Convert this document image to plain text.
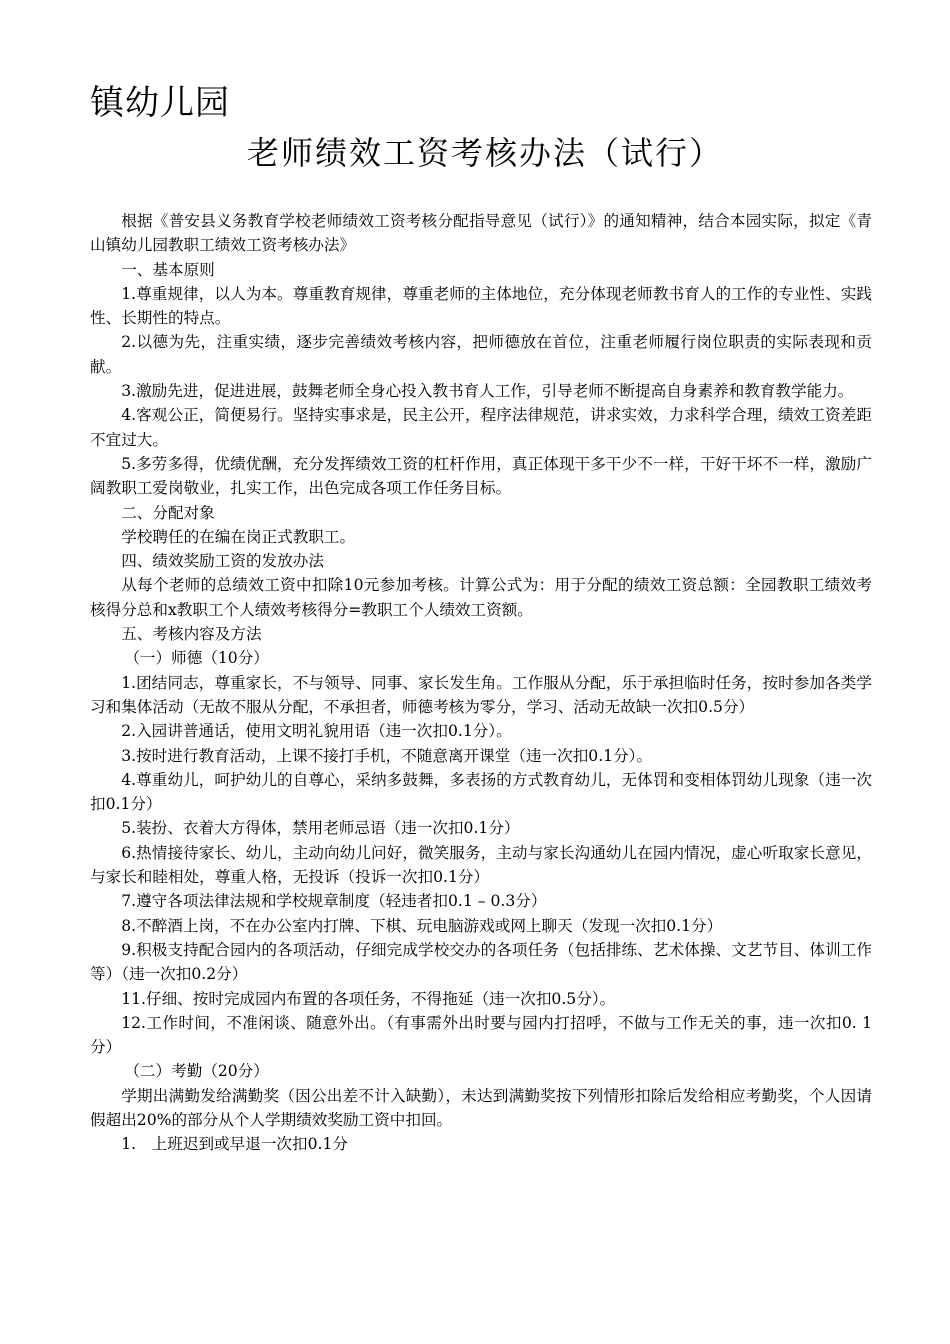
镇幼儿园
老师绩效工资考核办法（试行）

根据《普安县义务教育学校老师绩效工资考核分配指导意见（试行）》的通知精神，结合本园实际，拟定《青山镇幼儿园教职工绩效工资考核办法》

一、基本原则

1.尊重规律，以人为本。尊重教育规律，尊重老师的主体地位，充分体现老师教书育人的工作的专业性、实践性、长期性的特点。

2.以德为先，注重实绩，逐步完善绩效考核内容，把师德放在首位，注重老师履行岗位职责的实际表现和贡献。

3.激励先进，促进进展，鼓舞老师全身心投入教书育人工作，引导老师不断提高自身素养和教育教学能力。

4.客观公正，简便易行。坚持实事求是，民主公开，程序法律规范，讲求实效，力求科学合理，绩效工资差距不宜过大。

5.多劳多得，优绩优酬，充分发挥绩效工资的杠杆作用，真正体现干多干少不一样，干好干坏不一样，激励广阔教职工爱岗敬业，扎实工作，出色完成各项工作任务目标。

二、分配对象

学校聘任的在编在岗正式教职工。

四、绩效奖励工资的发放办法

从每个老师的总绩效工资中扣除10元参加考核。计算公式为：用于分配的绩效工资总额：全园教职工绩效考核得分总和x教职工个人绩效考核得分=教职工个人绩效工资额。

五、考核内容及方法

（一）师德（10分）

1.团结同志，尊重家长，不与领导、同事、家长发生角。工作服从分配，乐于承担临时任务，按时参加各类学习和集体活动（无故不服从分配，不承担者，师德考核为零分，学习、活动无故缺一次扣0.5分）

2.入园讲普通话，使用文明礼貌用语（违一次扣0.1分）。

3.按时进行教育活动，上课不接打手机，不随意离开课堂（违一次扣0.1分）。

4.尊重幼儿，呵护幼儿的自尊心，采纳多鼓舞，多表扬的方式教育幼儿，无体罚和变相体罚幼儿现象（违一次扣0.1分）

5.装扮、衣着大方得体，禁用老师忌语（违一次扣0.1分）

6.热情接待家长、幼儿，主动向幼儿问好，微笑服务，主动与家长沟通幼儿在园内情况，虚心听取家长意见，与家长和睦相处，尊重人格，无投诉（投诉一次扣0.1分）

7.遵守各项法律法规和学校规章制度（轻违者扣0.1 – 0.3分）

8.不醉酒上岗，不在办公室内打牌、下棋、玩电脑游戏或网上聊天（发现一次扣0.1分）

9.积极支持配合园内的各项活动，仔细完成学校交办的各项任务（包括排练、艺术体操、文艺节目、体训工作等）（违一次扣0.2分）

11.仔细、按时完成园内布置的各项任务，不得拖延（违一次扣0.5分）。

12.工作时间，不准闲谈、随意外出。（有事需外出时要与园内打招呼，不做与工作无关的事，违一次扣0. 1分）

（二）考勤（20分）

学期出满勤发给满勤奖（因公出差不计入缺勤），未达到满勤奖按下列情形扣除后发给相应考勤奖，个人因请假超出20%的部分从个人学期绩效奖励工资中扣回。

1.　上班迟到或早退一次扣0.1分
